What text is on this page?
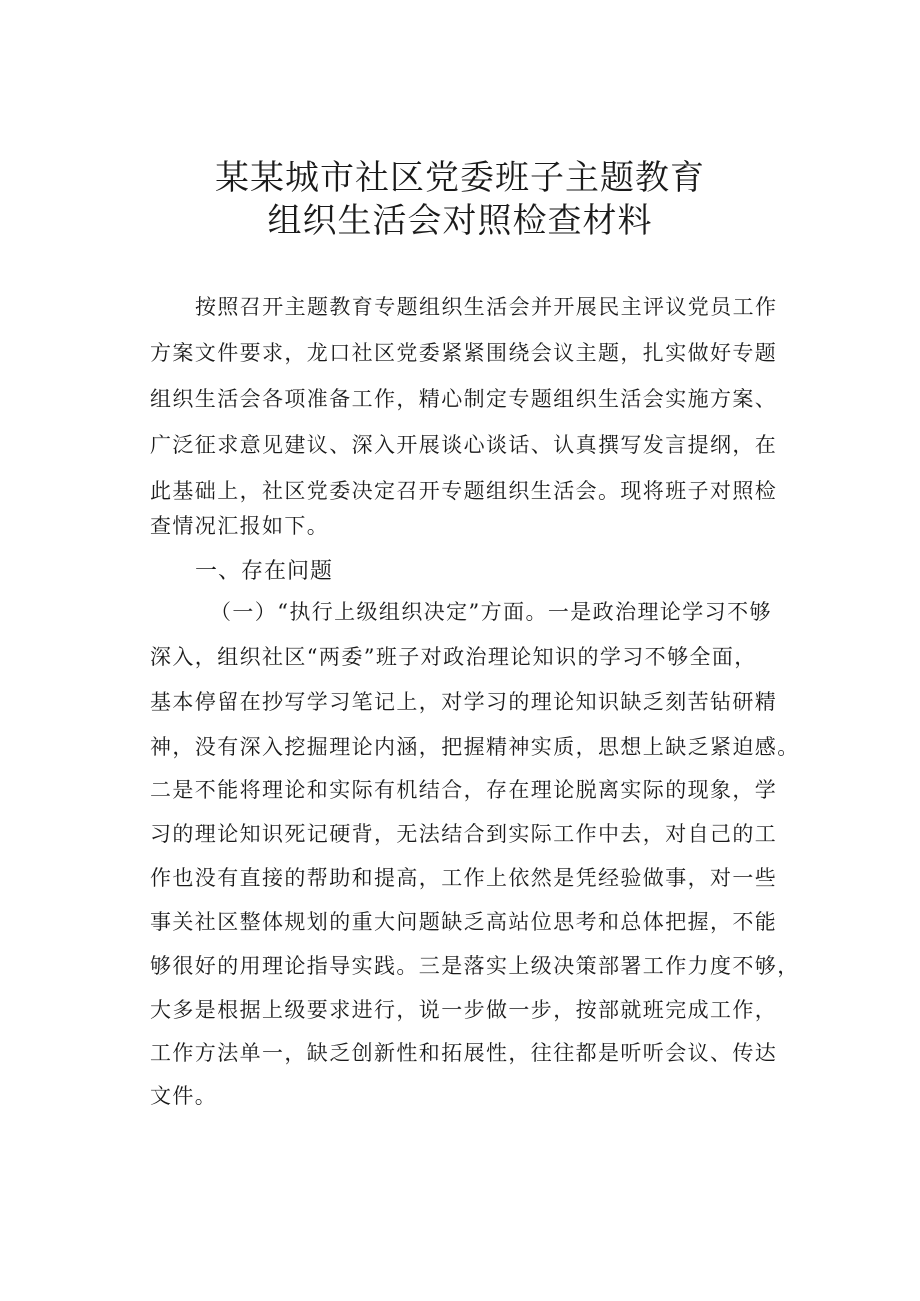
某某城市社区党委班子主题教育
组织生活会对照检查材料
按照召开主题教育专题组织生活会并开展民主评议党员工作
方案文件要求，龙口社区党委紧紧围绕会议主题，扎实做好专题
组织生活会各项准备工作，精心制定专题组织生活会实施方案、
广泛征求意见建议、深入开展谈心谈话、认真撰写发言提纲，在
此基础上，社区党委决定召开专题组织生活会。现将班子对照检
查情况汇报如下。
一、存在问题
（一）“执行上级组织决定”方面。一是政治理论学习不够
深入，组织社区“两委”班子对政治理论知识的学习不够全面，
基本停留在抄写学习笔记上，对学习的理论知识缺乏刻苦钻研精
神，没有深入挖掘理论内涵，把握精神实质，思想上缺乏紧迫感。
二是不能将理论和实际有机结合，存在理论脱离实际的现象，学
习的理论知识死记硬背，无法结合到实际工作中去，对自己的工
作也没有直接的帮助和提高，工作上依然是凭经验做事，对一些
事关社区整体规划的重大问题缺乏高站位思考和总体把握，不能
够很好的用理论指导实践。三是落实上级决策部署工作力度不够，
大多是根据上级要求进行，说一步做一步，按部就班完成工作，
工作方法单一，缺乏创新性和拓展性，往往都是听听会议、传达
文件。
